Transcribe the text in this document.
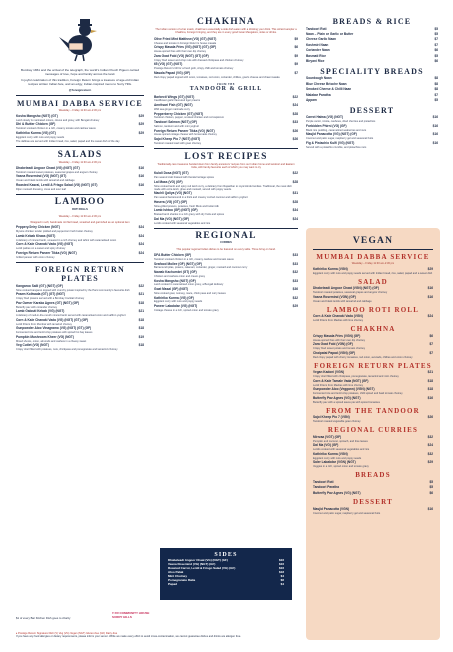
Bombay 1861 and the arrival of the telegraph, the world’s Indian Pooch Pigeon carried messages of love, hope and family across the land.

In joyful celebration of this tradition, Foreign Return brings a treasure of age-old Indian recipes written Indian fare, and an edgy, Indian-inspired menu to Surry Hills.

@foreignreturn

MUMBAI DABBA SERVICE
Weekday – Friday 11:30 am-2:30 pm
Kosha Mangsho (NGT) (GT)	$29
Lamb slowly & marinated onions, cloves and gravy, with Bengali chutney
Dhi & Butter Chicken (GF)	$29
Tandoori smoked chicken in a rich, creamy tomato and cashew sauce
Kathiriko Kurma (VG) (GT)	$29
Eggplant curry with nuts and poppy seeds
The dabbas are served with Indian bread, rice, salad, papad and the sweet dish of the day
SALADS
Weekday – Friday 11:30 am-2:30 pm
Dhabeleadi Angoor Chaat (VG) (NGT) (GT)	$16
Tandoori roasted sweet potatoes, seasonal grapes and angoor chutney
Vasna Rosemind (VG) (NGT) (GT)	$16
Ocean and black lentils with tamarind and cabbage
Roasted Kasrai, Lentil & Frisgo Salad (VG) (NGT) (GT)	$16
Dijon mustard dressing, cress and sour leaf
LAMBOO
ROTI ROLLS
Weekday – Friday 11:30 am-2:30 pm
Wrapped in soft, handmade roti flat bread, smashed and garnished as an optional item
Peppery/Jeiry Chicken (NGT)	$24
Mysore chicken tender pickled and peppercorn herb butter chutney
Lamb Kebab Khaas (NGT)	$24
A delicacy of minced lamb, smeared in a rich chutney and tahini with caramelised onion
Corn & Kale Chanaki Vada (VG) (NGT)	$24
Lentil patties on a sweet and spicy chutney
Foreign Return Paneer Tikka (VG) (NGT)	$24
Grilled paneer with onion chutney
FOREIGN RETURN PLATES
Kangaroo Salli (GT) (NGT) (GF)	$22
Slow cooked kangaroo topped with crunchy potato Inspired by the Parsi community’s favourite dish
Prawn Koliwada (GT) (GT) (NGT)	$21
Crispy fried prawns served with a Bombay Cocktail chutney
Pav Owner Karaka Agnes (GT) (NGT) (GF)	$18
Butterfly pav with coriander chutney
Lamb Galouti Kebab (VG) (NGT)	$21
A delicacy of melt-in-the-mouth minced lamb served with caramelised onion and saffron yoghurt
Corn & Kale Chanaki Vada (VG) (NGT) (GT) (GF)	$18
Lentil fritters from Mumbai with tamarind chutney
Gunpowder Aloo Vinagramo (VG) (NGT) (GT) (GF)	$18
Fermented rice and lentil crisp potatoes with spiced hot bay leaves
Pumpkin Mushroom Kheer (VG) (NGT)	$19
Mixed shoots, onion, almonds and cashew in a cheesy sweet
Veg Cutlet (VG) (NGT)	$18
Crispy shell filled with potatoes, nuts, chickpeas and pomegranate and tamarind chutney
$1 of every Bar Kitchen Dish goes to charity
♥ FR COMMUNITY HOUSE SURRY HILLS
CHAKHNA
The Indian version of a bar snack, chakhna is essentially a side dish eaten with a drinking your drink. This wizard sampler a Chakhna, Foreign bringing, and they are in every good Goan Mangalore, sides or drinks.
Olive Fried Mint Matthew (VG) (GT) (NGT)	$9
Cheese and tomato in Foreign Return’s house masala
Crispy Masala Fries (VG) (NGT) (GT) (GF)	$6
House-spiced fries with their own dip chutney
Zara Goat Fold (VG) (NGT) (GT) (GF)	$9
Crispy fried sweet and crisp nuts with dressed chickpeas and chicken chutney
65 (VG) (GT) (NGT)	$9
Prestige Return’s bill for a fresh gobi, crispy chilli and tomato chutney
Masala Papad (VG) (GF)	$7
Red crispy papad topped with onion, tomatoes, red onion, coriander, chillies, goat’s cheese and chaat masala
FROM THE
TANDOOR & GRILL
Barbecti Wings (GT) (NGT)	$22
Cauliflower garlic flavoured tiger prawns
Amritsari Fish (GT) (NGT)	$24
Wild sea ginger marinade curry
Pepperberry Chicken (GT) (NGT)	$28
Tandoori chicken, pepper, smoked chicken and red capsicum
Tandoori Salmon (NGT) (GF)	$33
Salmon, tandoori and with mint yoghurt
Foreign Return Paneer Tikka (VG) (NGT)	$26
House spiced cottage cheese with homemade chutney
Sajoi Kheep Pio 7 (NGT) (NGT)	$26
Tandoori roasted cauli with goan chutney
LOST RECIPES
Traditionally-rare treasures handed down from family ancestors’ recipes from our Indian home and tandoori and Eastern India, with family-favourite each of which you may want to try
Kulali Dosa (NGT) (GT)	$22
Pan seared crab braised with Kerala heritage spices
Lal Maas (VG) (GF)	$28
Slow cooked lamb and spicy red lamb curry, a delicacy from Rajasthan to royal Hindu families. Traditional, the meat dish made with extra lamb, ghee and mustard, served with poppy seeds.
Machli Qaliya (VG) (NGT)	$31
Pan seared barramundi in a thick and creamy curried coconut and saffron yoghurt
Hasera (VG) (GT) (GF)	$28
Slow-grilled prawns, potatoes, fresh fillets and buttermilk
Lamb Ishtoo (GF) (NGT) (GF)	$34
Braised lamb shanks in a rich gravy with dry fruits and spices
Dal Ma (VG) (NGT) (GF)	$24
Lentils cooked with seasonal vegetables and rice
REGIONAL
CURRIES
This popular regional Indian dishes to be featured on every table. Three bring on hand.
DFA Butter Chicken (GF)	$33
Tandoori smoked chicken in a rich, creamy cashew and tomato sauce
Seafood Moilee (GF) (NGT) (GF)	$33
Barramundi pilas, prawns, calamari, coriander, ginger, mustard and coconut curry
Nawab Kachumbri (GT) (GF)	$32
Chicken and cashew onion and cream gravy
Kosha Mangsho (NGT) (GF)	$33
Lamb cooked in caramelised onion gravy, a Bengali delicacy
Goat Masal (GF) (NGT)	$36
Slow cooked goat, nutmeg, mace, chick peas and curry leaves
Kathiriko Kurma (VG) (GF)	$32
Eggplant curry with nuts and poppy seeds
Paneer Lababdar (VG) (NGT)	$29
Cottage cheese in a rich, spiced onion and tomato gravy
SIDES
Dhabeleadi Angoor Chaat (VG) (NGT) (GF)	$16
Vasna Rosemind (VG) (NGT) (GF)	$16
Roasted Carrot, Lentil & Frisgo Salad (VG) (GF)	$16
Aloo Palak	$18
Mint Chutney	$4
Pomegranate Raita	$6
Papad	$4
BREADS & RICE
Tandoori Roti	$5
Naan – Plain or Garlic or Butter	$5
Cheese Garlic Naan	$7
Kashmiri Naan	$7
Coriander Naan	$6
Basmati Rice	$5
Biryani Rice	$6
SPECIALITY BREADS
Sourdough Naan	$8
Blue Cheese Brioche Naan	$8
Smoked Cheese & Chilli Naan	$8
Malabar Paratha	$7
Appam	$5
DESSERT
Carrot Halwa (VG) (NGT)	$16
Purple carrot, ricotta, cashews, dried cherries and pistachios
Forbidden Phirni (VG) (GF)	$16
Black rice pudding, caramelized seaberries and nuts
Masjid Panacotta (VG) (NGT) (GF)	$16
Coconut and palm sugar, raspberry gel and seasonal fruits
Fig & Pistachio Kulfi (VG) (NGT)	$16
Served with a pistachio crumble, and pistachios nuts
VEGAN
MUMBAI DABBA SERVICE
Weekday – Friday 11:30 am-2:30 pm
Kathiriko Kurma (VGN)	$29
Eggplant curry with nuts and poppy seeds served with Indian bread, rice, salad, papad and a sweet dish
SALAD
Dhabeleadi Angoor Chaat (VGN) (NGT) (GF)	$16
Tandoori roasted potatoes, seasonal grapes and angoor chutney
Vasna Rosemind (VGN) (GF)	$16
Ocean and black lentils with tamarind and cabbage
LAMBOO ROTI ROLL
Corn & Kale Chanaki Vada (VGN)	$24
Lentil fritters from Madras with lime chutney
CHAKHNA
Crispy Masala Fries (VGN) (GF)	$6
House-spiced fries with their own dip chutney
Zara Goat Fold (VGN) (GF)	$7
Crispy fried sweet potato and tomato chutney
Chaipatai Papad (VGN) (GF)	$7
Red crispy papad with cherry tomatoes, red onion, avocado, chillies and onion chutney
FOREIGN RETURN PLATES
Vegan Kadoni (VGN)	$21
Crispy shell filled with chickpeas, pomegranate, tamarind and mint chutney
Corn & Kale Tamale Vada (NGT) (GF)	$18
Lentil fritters from Madras with lime chutney
Gunpowder Aloo (Veggann) (VGN) (NGT)	$18
Fermented rice and lentil crisp potatoes, chilli spiced and basil tomato chutney
Butterfly Pav Agnes (VG) (NGT)	$16
Butterfly pav with a spiced sauce pie with spiced tomatoes
FROM THE TANDOOR
Sajoi Kheep Pio 7 (VGN)	$26
Tandoori roasted vegetable goan chutney
REGIONAL CURRIES
Mirrzaa (VGT) (GF)	$32
Pumpkin and coconut, spinach, and lime leaves
Dal Ma (VG) (GF)	$24
Lentils cooked with seasonal vegetables and rice
Kathiriko Kurma (VGN)	$32
Eggplant curry with nuts and poppy seeds
Saler Lababdar (VGN) (NGT)	$29
Veggies in a rich, spiced onion and tomato gravy
BREADS
Tandoori Roti	$5
Tandoori Paratha	$5
Butterfly Pav Agnes (VG) (NGT)	$6
DESSERT
Masjid Panacotta (VGN)	$16
Coconut and palm sugar, raspberry gel and seasonal fruits
♦ Prestige Return Signature Dish (V) Veg (VG) Vegan (NGT) Gluten-free (GF) Dairy-free
If you have any food allergies or dietary requirements, please inform your server. While we make every effort to avoid cross-contamination, we cannot guarantee dishes and drinks are allergen free.
